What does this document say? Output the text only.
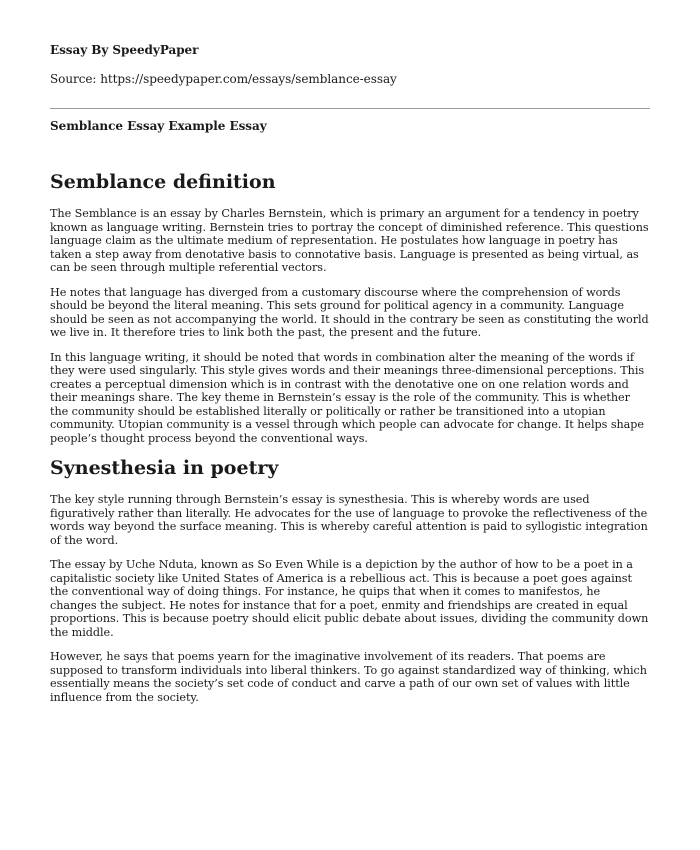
Essay By SpeedyPaper

Source: https://speedypaper.com/essays/semblance-essay

Semblance Essay Example Essay

Semblance definition

The Semblance is an essay by Charles Bernstein, which is primary an argument for a tendency in poetry known as language writing. Bernstein tries to portray the concept of diminished reference. This questions language claim as the ultimate medium of representation. He postulates how language in poetry has taken a step away from denotative basis to connotative basis. Language is presented as being virtual, as can be seen through multiple referential vectors.

He notes that language has diverged from a customary discourse where the comprehension of words should be beyond the literal meaning. This sets ground for political agency in a community. Language should be seen as not accompanying the world. It should in the contrary be seen as constituting the world we live in. It therefore tries to link both the past, the present and the future.

In this language writing, it should be noted that words in combination alter the meaning of the words if they were used singularly. This style gives words and their meanings three-dimensional perceptions. This creates a perceptual dimension which is in contrast with the denotative one on one relation words and their meanings share. The key theme in Bernstein’s essay is the role of the community. This is whether the community should be established literally or politically or rather be transitioned into a utopian community. Utopian community is a vessel through which people can advocate for change. It helps shape people’s thought process beyond the conventional ways.

Synesthesia in poetry

The key style running through Bernstein’s essay is synesthesia. This is whereby words are used figuratively rather than literally. He advocates for the use of language to provoke the reflectiveness of the words way beyond the surface meaning. This is whereby careful attention is paid to syllogistic integration of the word.

The essay by Uche Nduta, known as So Even While is a depiction by the author of how to be a poet in a capitalistic society like United States of America is a rebellious act. This is because a poet goes against the conventional way of doing things. For instance, he quips that when it comes to manifestos, he changes the subject. He notes for instance that for a poet, enmity and friendships are created in equal proportions. This is because poetry should elicit public debate about issues, dividing the community down the middle.

However, he says that poems yearn for the imaginative involvement of its readers. That poems are supposed to transform individuals into liberal thinkers. To go against standardized way of thinking, which essentially means the society’s set code of conduct and carve a path of our own set of values with little influence from the society.
